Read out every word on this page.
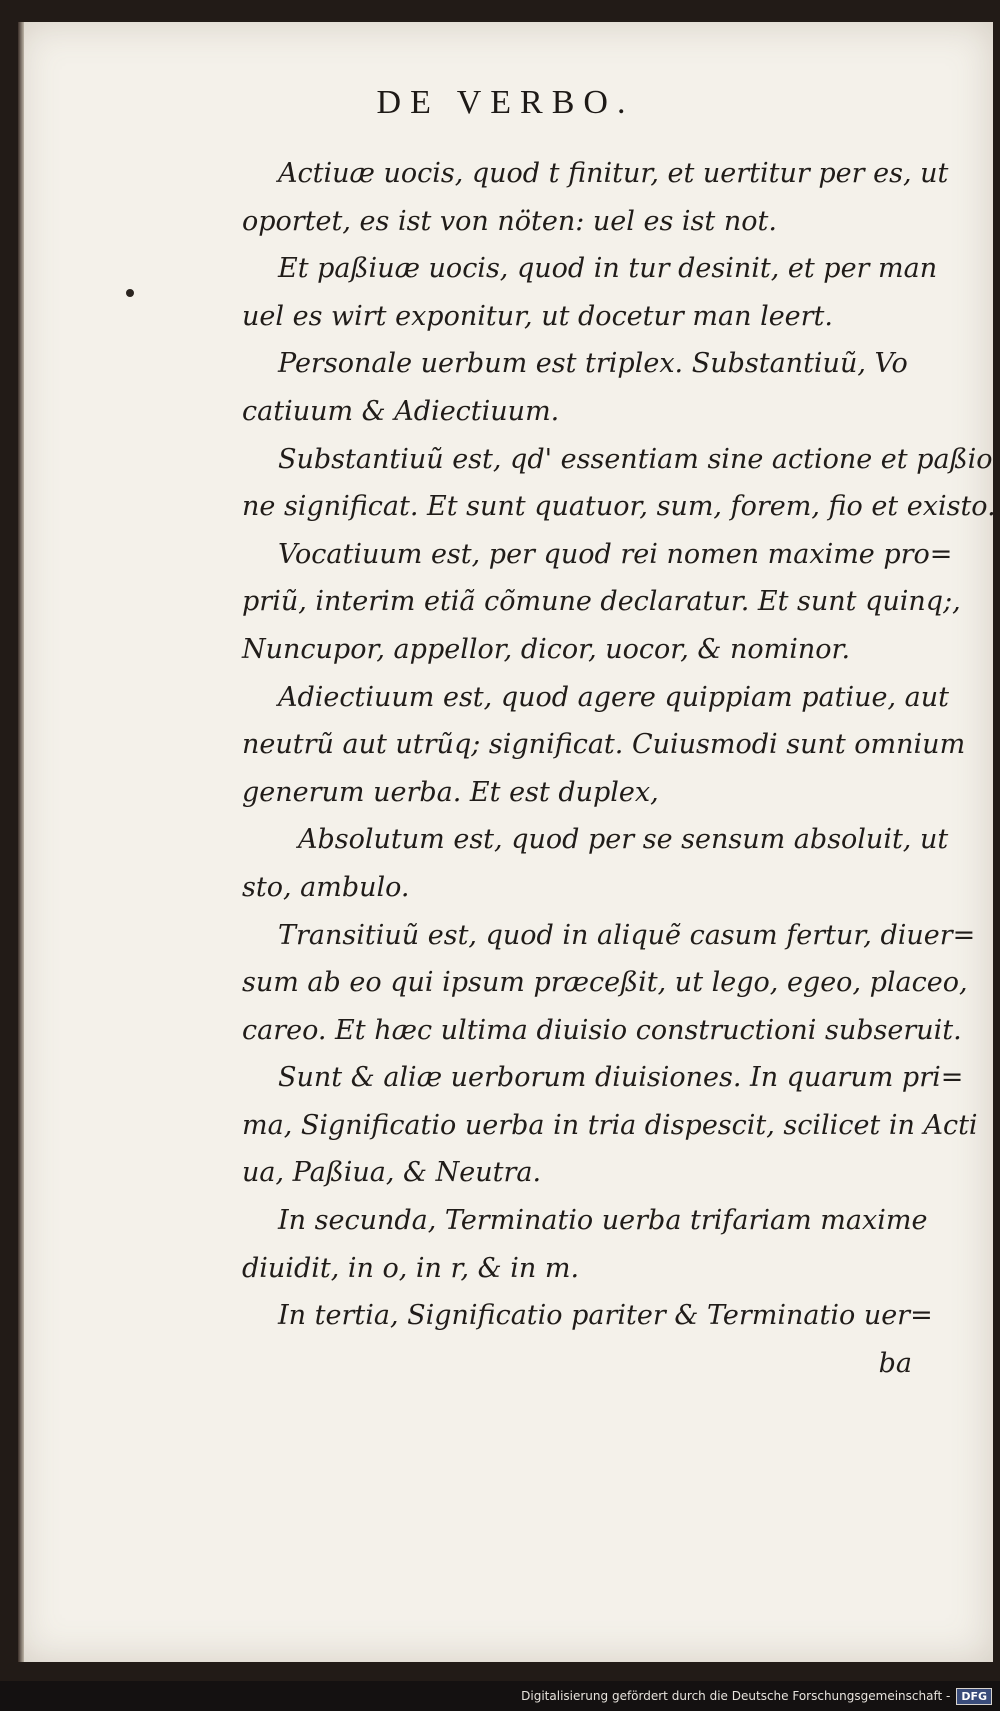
DE VERBO.
Actiuæ uocis, quod t finitur, et uertitur per es, ut
oportet, es ist von nöten: uel es ist not.
Et paßiuæ uocis, quod in tur desinit, et per man
uel es wirt exponitur, ut docetur man leert.
Personale uerbum est triplex. Substantiuũ, Vo
catiuum & Adiectiuum.
Substantiuũ est, qd' essentiam sine actione et paßio
ne significat. Et sunt quatuor, sum, forem, fio et existo.
Vocatiuum est, per quod rei nomen maxime pro=
priũ, interim etiã cõmune declaratur. Et sunt quinq;,
Nuncupor, appellor, dicor, uocor, & nominor.
Adiectiuum est, quod agere quippiam patiue, aut
neutrũ aut utrũq; significat. Cuiusmodi sunt omnium
generum uerba. Et est duplex,
Absolutum est, quod per se sensum absoluit, ut
sto, ambulo.
Transitiuũ est, quod in aliquẽ casum fertur, diuer=
sum ab eo qui ipsum præceßit, ut lego, egeo, placeo,
careo. Et hæc ultima diuisio constructioni subseruit.
Sunt & aliæ uerborum diuisiones. In quarum pri=
ma, Significatio uerba in tria dispescit, scilicet in Acti
ua, Paßiua, & Neutra.
In secunda, Terminatio uerba trifariam maxime
diuidit, in o, in r, & in m.
In tertia, Significatio pariter & Terminatio uer=
ba
Digitalisierung gefördert durch die Deutsche Forschungsgemeinschaft -	DFG
